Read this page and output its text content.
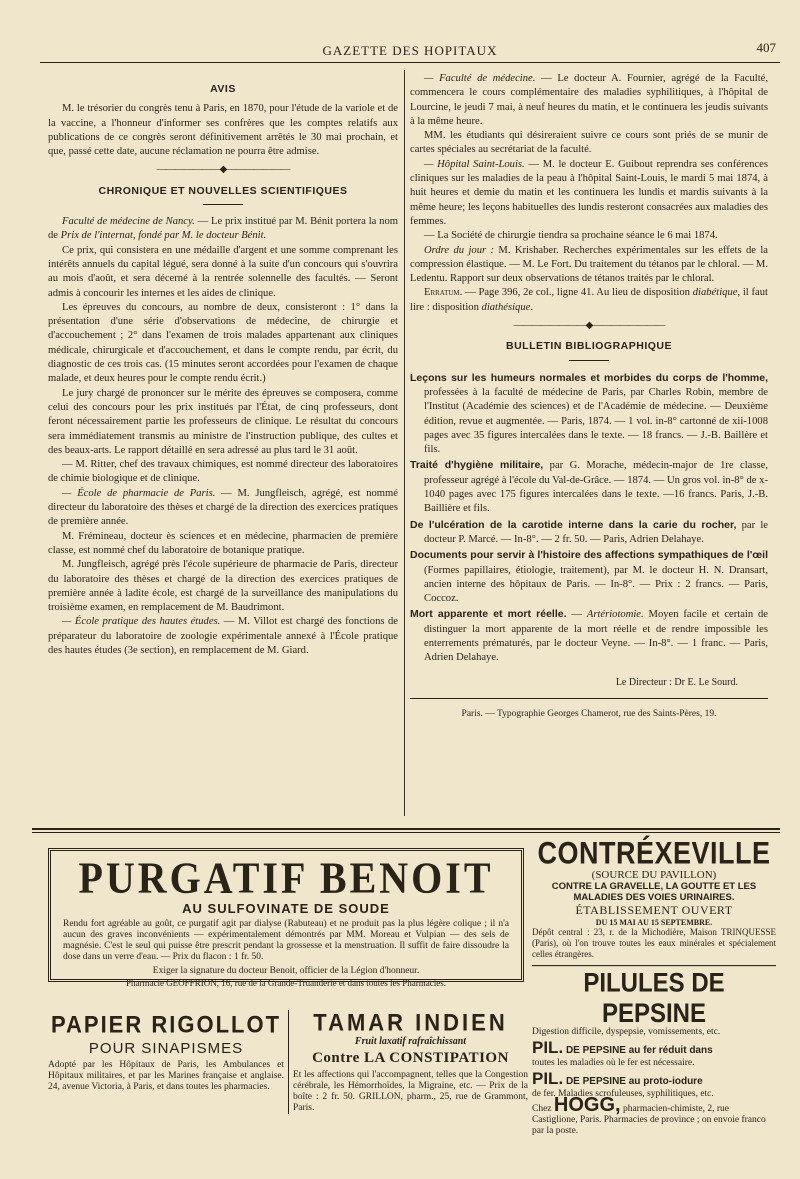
GAZETTE DES HOPITAUX	407
AVIS

M. le trésorier du congrès tenu à Paris, en 1870, pour l'étude de la variole et de la vaccine, a l'honneur d'informer ses confrères que les comptes relatifs aux publications de ce congrès seront définitivement arrêtés le 30 mai prochain, et que, passé cette date, aucune réclamation ne pourra être admise.

———————◆———————
CHRONIQUE ET NOUVELLES SCIENTIFIQUES

Faculté de médecine de Nancy. — Le prix institué par M. Bénit portera la nom de Prix de l'internat, fondé par M. le docteur Bénit.

Ce prix, qui consistera en une médaille d'argent et une somme comprenant les intérêts annuels du capital légué, sera donné à la suite d'un concours qui s'ouvrira au mois d'août, et sera décerné à la rentrée solennelle des facultés. — Seront admis à concourir les internes et les aides de clinique.

Les épreuves du concours, au nombre de deux, consisteront : 1° dans la présentation d'une série d'observations de médecine, de chirurgie et d'accouchement ; 2° dans l'examen de trois malades appartenant aux cliniques médicale, chirurgicale et d'accouchement, et dans le compte rendu, par écrit, du diagnostic de ces trois cas. (15 minutes seront accordées pour l'examen de chaque malade, et deux heures pour le compte rendu écrit.)

Le jury chargé de prononcer sur le mérite des épreuves se composera, comme celui des concours pour les prix institués par l'État, de cinq professeurs, dont feront nécessairement partie les professeurs de clinique. Le résultat du concours sera immédiatement transmis au ministre de l'instruction publique, des cultes et des beaux-arts. Le rapport détaillé en sera adressé au plus tard le 31 août.

— M. Ritter, chef des travaux chimiques, est nommé directeur des laboratoires de chimie biologique et de clinique.

— École de pharmacie de Paris. — M. Jungfleisch, agrégé, est nommé directeur du laboratoire des thèses et chargé de la direction des exercices pratiques de première année.

M. Frémineau, docteur ès sciences et en médecine, pharmacien de première classe, est nommé chef du laboratoire de botanique pratique.

M. Jungfleisch, agrégé près l'école supérieure de pharmacie de Paris, directeur du laboratoire des thèses et chargé de la direction des exercices pratiques de première année à ladite école, est chargé de la surveillance des manipulations du troisième examen, en remplacement de M. Baudrimont.

— École pratique des hautes études. — M. Villot est chargé des fonctions de préparateur du laboratoire de zoologie expérimentale annexé à l'École pratique des hautes études (3e section), en remplacement de M. Giard.

— Faculté de médecine. — Le docteur A. Fournier, agrégé de la Faculté, commencera le cours complémentaire des maladies syphilitiques, à l'hôpital de Lourcine, le jeudi 7 mai, à neuf heures du matin, et le continuera les jeudis suivants à la même heure.

MM. les étudiants qui désireraient suivre ce cours sont priés de se munir de cartes spéciales au secrétariat de la faculté.

— Hôpital Saint-Louis. — M. le docteur E. Guibout reprendra ses conférences cliniques sur les maladies de la peau à l'hôpital Saint-Louis, le mardi 5 mai 1874, à huit heures et demie du matin et les continuera les lundis et mardis suivants à la même heure; les leçons habituelles des lundis resteront consacrées aux maladies des femmes.

— La Société de chirurgie tiendra sa prochaine séance le 6 mai 1874.

Ordre du jour : M. Krishaber. Recherches expérimentales sur les effets de la compression élastique. — M. Le Fort. Du traitement du tétanos par le chloral. — M. Ledentu. Rapport sur deux observations de tétanos traités par le chloral.

Erratum. — Page 396, 2e col., ligne 41. Au lieu de disposition diabétique, il faut lire : disposition diathésique.

————————◆————————
BULLETIN BIBLIOGRAPHIQUE

Leçons sur les humeurs normales et morbides du corps de l'homme, professées à la faculté de médecine de Paris, par Charles Robin, membre de l'Institut (Académie des sciences) et de l'Académie de médecine. — Deuxième édition, revue et augmentée. — Paris, 1874. — 1 vol. in-8° cartonné de xii-1008 pages avec 35 figures intercalées dans le texte. — 18 francs. — J.-B. Baillère et fils.

Traité d'hygiène militaire, par G. Morache, médecin-major de 1re classe, professeur agrégé à l'école du Val-de-Grâce. — 1874. — Un gros vol. in-8° de x-1040 pages avec 175 figures intercalées dans le texte. —16 francs. Paris, J.-B. Baillière et fils.

De l'ulcération de la carotide interne dans la carie du rocher, par le docteur P. Marcé. — In-8°. — 2 fr. 50. — Paris, Adrien Delahaye.

Documents pour servir à l'histoire des affections sympathiques de l'œil (Formes papillaires, étiologie, traitement), par M. le docteur H. N. Dransart, ancien interne des hôpitaux de Paris. — In-8°. — Prix : 2 francs. — Paris, Coccoz.

Mort apparente et mort réelle. — Artériotomie. Moyen facile et certain de distinguer la mort apparente de la mort réelle et de rendre impossible les enterrements prématurés, par le docteur Veyne. — In-8°. — 1 franc. — Paris, Adrien Delahaye.

Le Directeur : Dr E. Le Sourd.
Paris. — Typographie Georges Chamerot, rue des Saints-Pères, 19.
PURGATIF BENOIT
AU SULFOVINATE DE SOUDE
Rendu fort agréable au goût, ce purgatif agit par dialyse (Rabuteau) et ne produit pas la plus légère colique ; il n'a aucun des graves inconvénients — expérimentalement démontrés par MM. Moreau et Vulpian — des sels de magnésie. C'est le seul qui puisse être prescrit pendant la grossesse et la menstruation. Il suffit de faire dissoudre la dose dans un verre d'eau. — Prix du flacon : 1 fr. 50.
Exiger la signature du docteur Benoit, officier de la Légion d'honneur.
Pharmacie GEOFFRION, 16, rue de la Grande-Truanderie et dans toutes les Pharmacies.
CONTRÉXEVILLE
(SOURCE DU PAVILLON)
CONTRE LA GRAVELLE, LA GOUTTE ET LES MALADIES DES VOIES URINAIRES.
ÉTABLISSEMENT OUVERT
DU 15 MAI AU 15 SEPTEMBRE.
Dépôt central : 23, r. de la Michodière, Maison TRINQUESSE (Paris), où l'on trouve toutes les eaux minérales et spécialement celles étrangères.
PILULES DE PEPSINE
Digestion difficile, dyspepsie, vomissements, etc.
PIL. DE PEPSINE au fer réduit dans
toutes les maladies où le fer est nécessaire.
PIL. DE PEPSINE au proto-iodure
de fer. Maladies scrofuleuses, syphilitiques, etc.
Chez HOGG, pharmacien-chimiste, 2, rue Castiglione, Paris. Pharmacies de province ; on envoie franco par la poste.
PAPIER RIGOLLOT
POUR SINAPISMES
Adopté par les Hôpitaux de Paris, les Ambulances et Hôpitaux militaires, et par les Marines française et anglaise. 24, avenue Victoria, à Paris, et dans toutes les pharmacies.
TAMAR INDIEN
Fruit laxatif rafraîchissant
Contre LA CONSTIPATION
Et les affections qui l'accompagnent, telles que la Congestion cérébrale, les Hémorrhoïdes, la Migraine, etc. — Prix de la boîte : 2 fr. 50. GRILLON, pharm., 25, rue de Grammont, Paris.
